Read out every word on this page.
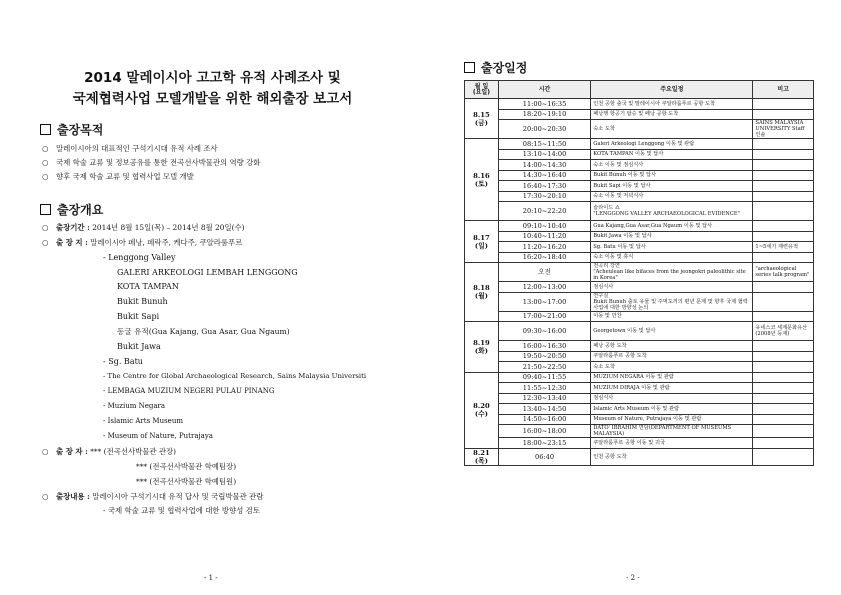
2014 말레이시아 고고학 유적 사례조사 및
국제협력사업 모델개발을 위한 해외출장 보고서
출장목적
○ 말레이시아의 대표적인 구석기시대 유적 사례 조사
○ 국제 학술 교류 및 정보공유를 통한 전곡선사박물관의 역량 강화
○ 향후 국제 학술 교류 및 협력사업 모델 개발
출장개요
○ 출장기간 : 2014년 8월 15일(목) – 2014년 8월 20일(수)
○ 출 장 지 : 말레이시아 페낭, 페락주, 케다주, 쿠알라룸푸르
- Lenggong Valley
GALERI ARKEOLOGI LEMBAH LENGGONG
KOTA TAMPAN
Bukit Bunuh
Bukit Sapi
동굴 유적(Gua Kajang, Gua Asar, Gua Ngaum)
Bukit Jawa
- Sg. Batu
- The Centre for Global Archaeological Research, Sains Malaysia Universiti
- LEMBAGA MUZIUM NEGERI PULAU PINANG
- Muzium Negara
- Islamic Arts Museum
- Museum of Nature, Putrajaya
○ 출 장 자 : *** (전곡선사박물관 관장)
*** (전곡선사박물관 학예팀장)
*** (전곡선사박물관 학예팀원)
○ 출장내용 : 말레이시아 구석기시대 유적 답사 및 국립박물관 관람
- 국제 학술 교류 및 협력사업에 대한 방향성 검토
- 1 -
출장일정
월 일
(요일)	시간	주요일정	비고
8.15
(금)	11:00~16:35	인천 공항 출국 및 말레이시아 쿠알라룸푸르 공항 도착	
	18:20~19:10	페낭행 항공기 탑승 및 페낭 공항 도착	
	20:00~20:30	숙소 도착	SAINS MALAYSIA UNIVERSITY Staff 인솔
8.16
(토)	08:15~11:50	Galeri Arkeologi Lenggong 이동 및 관람	
	13:10~14:00	KOTA TAMPAN 이동 및 답사	
	14:00~14:30	숙소 이동 및 점심식사	
	14:30~16:40	Bukit Bunuh 이동 및 답사	
	16:40~17:30	Bukit Sapi 이동 및 답사	
	17:30~20:10	숙소 이동 및 저녁식사	
	20:10~22:20	슬라이드 쇼
"LENGGONG VALLEY ARCHAEOLOGICAL EVIDENCE"	
8.17
(일)	09:10~10:40	Gua Kajang,Gua Asar,Gua Ngaum 이동 및 답사	
	10:40~11:20	Bukit Jawa 이동 및 답사	
	11:20~16:20	Sg. Batu 이동 및 답사	1~5세기 제련유적
	16:20~18:40	숙소 이동 및 휴식	
8.18
(월)	오전	전곡리 강연
"Acheulean like bifaces from the jeongokri paleolithic site in Korea"	"archaeological series talk program"
	12:00~13:00	점심식사	
	13:00~17:00	연구실
Bukit Bunuh 출토 유물 및 주먹도끼의 편년 문제 및 향후 국제 협력사업에 대한 방향성 논의	
	17:00~21:00	이동 및 만찬	
8.19
(화)	09:30~16:00	Georgetown 이동 및 답사	유네스코 세계문화유산(2008년 등재)
	16:00~16:30	페낭 공항 도착	
	19:50~20:50	쿠알라룸푸르 공항 도착	
	21:50~22:50	숙소 도착	
8.20
(수)	09:40~11:55	MUZIUM NEGARA 이동 및 관람	
	11:55~12:30	MUZIUM DIRAJA 이동 및 관람	
	12:30~13:40	점심식사	
	13:40~14:50	Islamic Arts Museum 이동 및 관람	
	14:50~16:00	Museum of Nature, Putrajaya 이동 및 관람	
	16:00~18:00	DATO' IBRAHIM 면담(DEPARTMENT OF MUSEUMS MALAYSIA)	
	18:00~23:15	쿠알라룸푸르 공항 이동 및 귀국	
8.21
(목)	06:40	인천 공항 도착	
- 2 -
